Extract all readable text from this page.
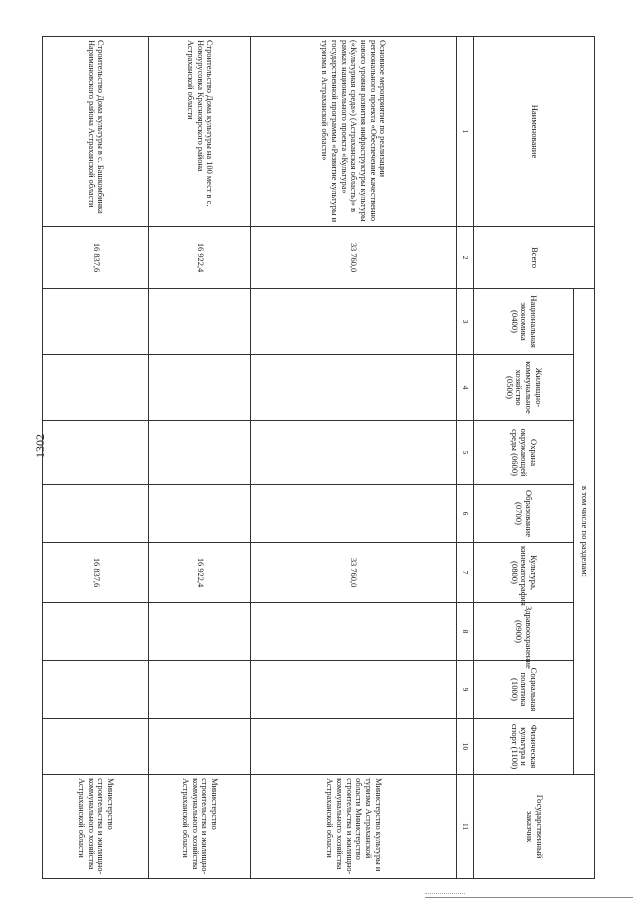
1302
Наименование	Всего	в том числе по разделам:								Государственный заказчик
		Национальная экономика (0400)	Жилищно-коммунальное хозяйство (0500)	Охрана окружающей среды (0600)	Образование (0700)	Культура, кинематография (0800)	Здравоохранение (0900)	Социальная политика (1000)	Физическая культура и спорт (1100)	
1	2	3	4	5	6	7	8	9	10	11
Основное мероприятие по реализации регионального проекта «Обеспечение качественно нового уровня развития инфраструктуры культуры («Культурная среда») (Астраханская область)» в рамках национального проекта «Культура» государственной программы «Развитие культуры и туризма в Астраханской области»	33 760,0					33 760,0				Министерство культуры и туризма Астраханской области Министерство строительства и жилищно-коммунального хозяйства Астраханской области
Строительство Дома культуры на 100 мест в с. Новоурусовка Красноярского района Астраханской области	16 922,4					16 922,4				Министерство строительства и жилищно-коммунального хозяйства Астраханской области
Строительство Дома культуры в с. Башкомбинка Наримановского района Астраханской области	16 837,6					16 837,6				Министерство строительства и жилищно-коммунального хозяйства Астраханской области
